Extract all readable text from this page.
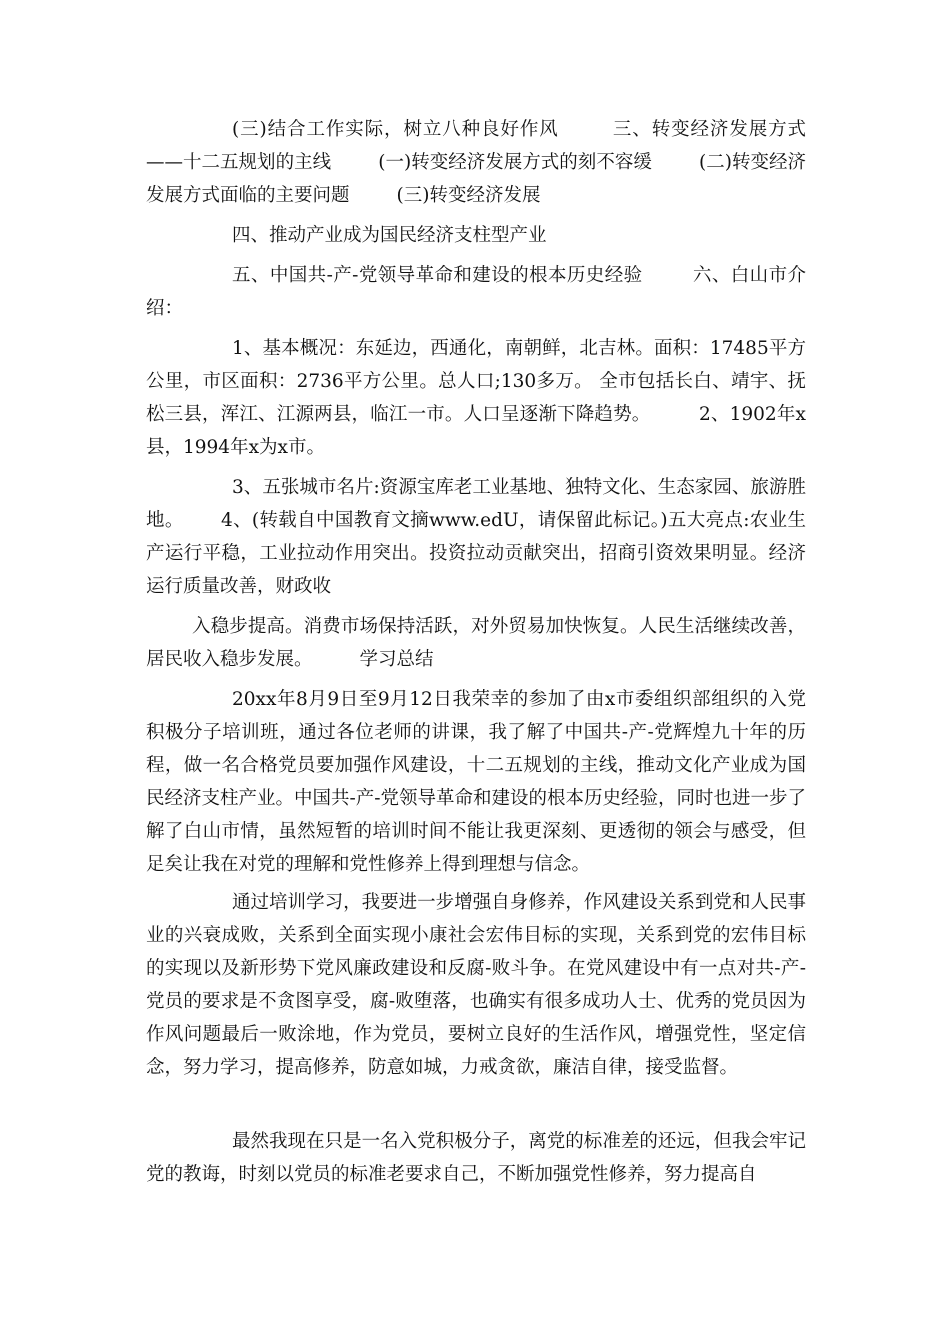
(三)结合工作实际，树立八种良好作风        三、转变经济发展方式——十二五规划的主线        (一)转变经济发展方式的刻不容缓        (二)转变经济发展方式面临的主要问题        (三)转变经济发展

四、推动产业成为国民经济支柱型产业

五、中国共-产-党领导革命和建设的根本历史经验        六、白山市介绍：

1、基本概况：东延边，西通化，南朝鲜，北吉林。面积：17485平方公里，市区面积：2736平方公里。总人口;130多万。 全市包括长白、靖宇、抚松三县，浑江、江源两县，临江一市。人口呈逐渐下降趋势。        2、1902年x县，1994年x为x市。

3、五张城市名片:资源宝库老工业基地、独特文化、生态家园、旅游胜地。      4、(转载自中国教育文摘www.edU，请保留此标记。)五大亮点:农业生产运行平稳，工业拉动作用突出。投资拉动贡献突出，招商引资效果明显。经济运行质量改善，财政收

入稳步提高。消费市场保持活跃，对外贸易加快恢复。人民生活继续改善，居民收入稳步发展。        学习总结

20xx年8月9日至9月12日我荣幸的参加了由x市委组织部组织的入党积极分子培训班，通过各位老师的讲课，我了解了中国共-产-党辉煌九十年的历程，做一名合格党员要加强作风建设，十二五规划的主线，推动文化产业成为国民经济支柱产业。中国共-产-党领导革命和建设的根本历史经验，同时也进一步了解了白山市情，虽然短暂的培训时间不能让我更深刻、更透彻的领会与感受，但足矣让我在对党的理解和党性修养上得到理想与信念。

通过培训学习，我要进一步增强自身修养，作风建设关系到党和人民事业的兴衰成败，关系到全面实现小康社会宏伟目标的实现，关系到党的宏伟目标的实现以及新形势下党风廉政建设和反腐-败斗争。在党风建设中有一点对共-产-党员的要求是不贪图享受，腐-败堕落，也确实有很多成功人士、优秀的党员因为作风问题最后一败涂地，作为党员，要树立良好的生活作风，增强党性，坚定信念，努力学习，提高修养，防意如城，力戒贪欲，廉洁自律，接受监督。

最然我现在只是一名入党积极分子，离党的标准差的还远，但我会牢记党的教诲，时刻以党员的标准老要求自己，不断加强党性修养，努力提高自
